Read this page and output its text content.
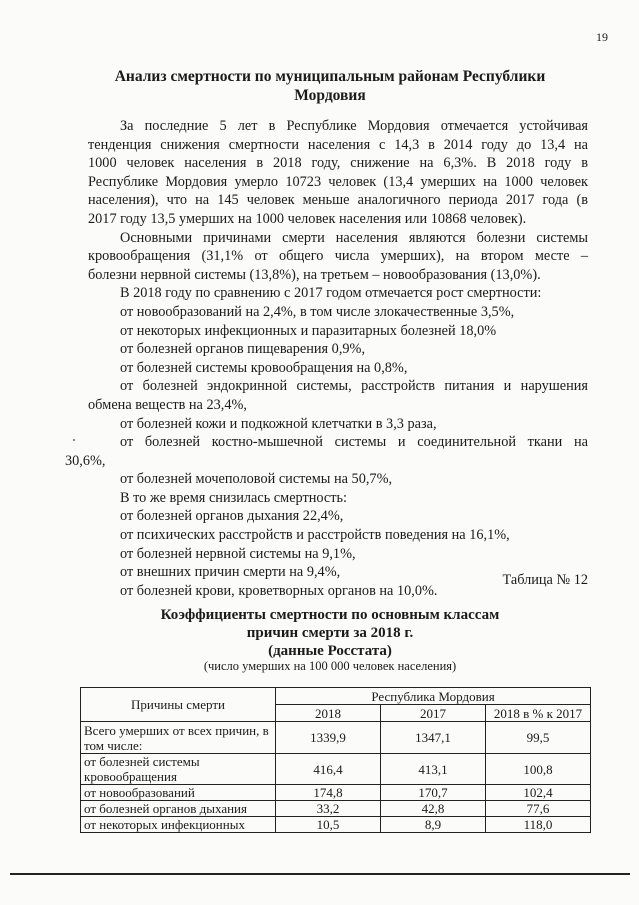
19
Анализ смертности по муниципальным районам Республики
Мордовия

За последние 5 лет в Республике Мордовия отмечается устойчивая

тенденция снижения смертности населения с 14,3 в 2014 году до 13,4 на

1000 человек населения в 2018 году, снижение на 6,3%. В 2018 году в

Республике Мордовия умерло 10723 человек (13,4 умерших на 1000 человек

населения), что на 145 человек меньше аналогичного периода 2017 года (в

2017 году 13,5 умерших на 1000 человек населения или 10868 человек).

Основными причинами смерти населения являются болезни системы

кровообращения (31,1% от общего числа умерших), на втором месте –

болезни нервной системы (13,8%), на третьем – новообразования (13,0%).

В 2018 году по сравнению с 2017 годом отмечается рост смертности:

от новообразований на 2,4%, в том числе злокачественные 3,5%,

от некоторых инфекционных и паразитарных болезней 18,0%

от болезней органов пищеварения 0,9%,

от болезней системы кровообращения на 0,8%,

от болезней эндокринной системы, расстройств питания и нарушения

обмена веществ на 23,4%,

от болезней кожи и подкожной клетчатки в 3,3 раза,

от болезней костно-мышечной системы и соединительной ткани на

30,6%,

от болезней мочеполовой системы на 50,7%,

В то же время снизилась смертность:

от болезней органов дыхания 22,4%,

от психических расстройств и расстройств поведения на 16,1%,

от болезней нервной системы на 9,1%,

от внешних причин смерти на 9,4%,

от болезней крови, кроветворных органов на 10,0%.

Таблица № 12
Коэффициенты смертности по основным классам
причин смерти за 2018 г.
(данные Росстата)
(число умерших на 100 000 человек населения)
Причины смерти	Республика Мордовия		
	2018	2017	2018 в % к 2017
Всего умерших от всех причин, в том числе:	1339,9	1347,1	99,5
от болезней системы кровообращения	416,4	413,1	100,8
от новообразований	174,8	170,7	102,4
от болезней органов дыхания	33,2	42,8	77,6
от некоторых инфекционных	10,5	8,9	118,0
